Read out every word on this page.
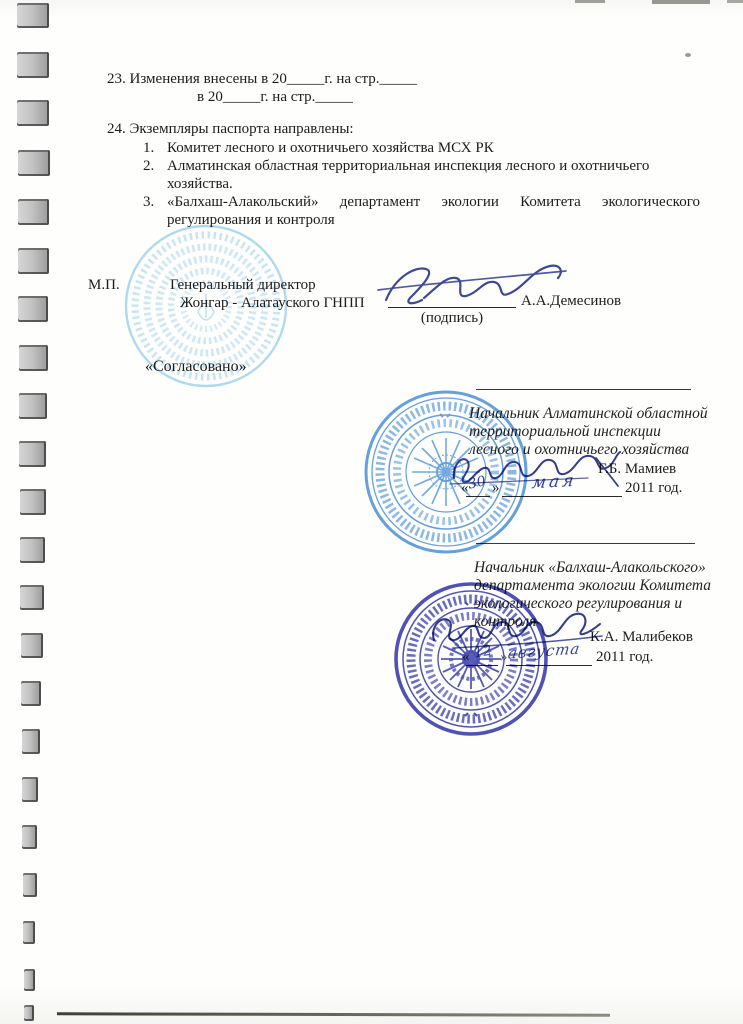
23. Изменения внесены в 20_____г. на стр._____
в 20_____г. на стр._____
24. Экземпляры паспорта направлены:
1. Комитет лесного и охотничьего хозяйства МСХ РК
2. Алматинская областная территориальная инспекция лесного и охотничьего
хозяйства.
3. «Балхаш-Алакольский» департамент экологии Комитета экологического
регулирования и контроля
М.П.	Генеральный директор
Жонгар - Алатауского ГНПП
(подпись)
А.А.Демесинов
«Согласовано»
Начальник Алматинской областной
территориальной инспекции
лесного и охотничьего хозяйства
Г.Б. Мамиев
«
30 » мая	2011 год.
Начальник «Балхаш-Алакольского»
департамента экологии Комитета
экологического регулирования и
контроля
К.А. Малибеков
« 12 » августа 2011 год.
